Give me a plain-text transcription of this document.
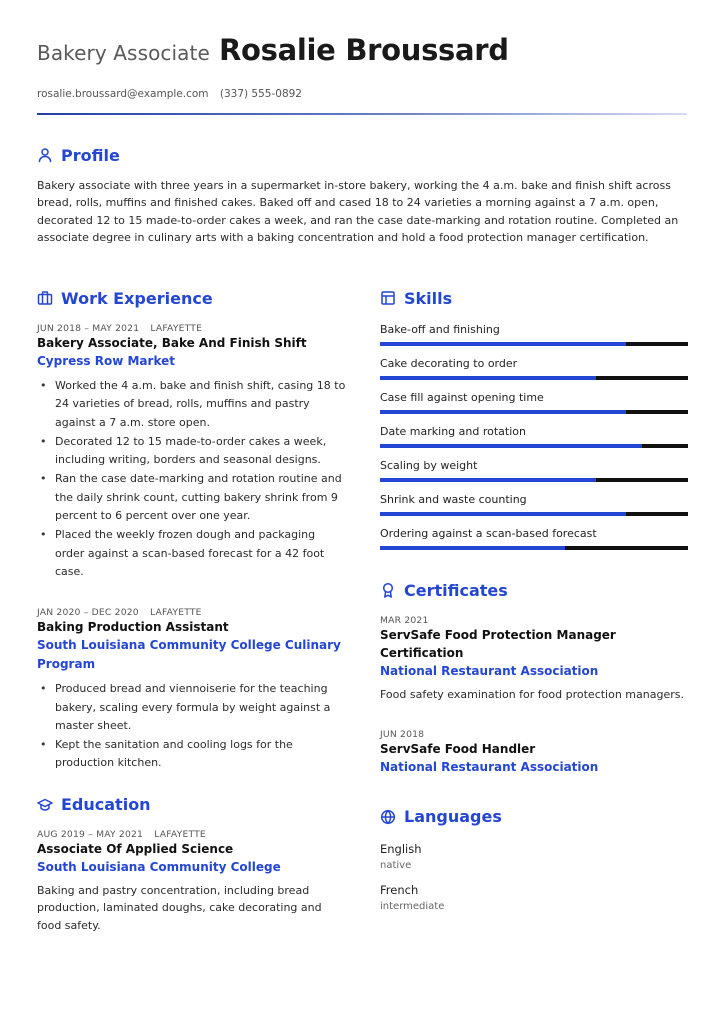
Bakery Associate Rosalie Broussard
rosalie.broussard@example.com (337) 555-0892
Profile
Bakery associate with three years in a supermarket in-store bakery, working the 4 a.m. bake and finish shift across bread, rolls, muffins and finished cakes. Baked off and cased 18 to 24 varieties a morning against a 7 a.m. open, decorated 12 to 15 made-to-order cakes a week, and ran the case date-marking and rotation routine. Completed an associate degree in culinary arts with a baking concentration and hold a food protection manager certification.
Work Experience
JUN 2018 – MAY 2021 LAFAYETTE
Bakery Associate, Bake And Finish Shift
Cypress Row Market
• Worked the 4 a.m. bake and finish shift, casing 18 to 24 varieties of bread, rolls, muffins and pastry against a 7 a.m. store open.
• Decorated 12 to 15 made-to-order cakes a week, including writing, borders and seasonal designs.
• Ran the case date-marking and rotation routine and the daily shrink count, cutting bakery shrink from 9 percent to 6 percent over one year.
• Placed the weekly frozen dough and packaging order against a scan-based forecast for a 42 foot case.
JAN 2020 – DEC 2020 LAFAYETTE
Baking Production Assistant
South Louisiana Community College Culinary Program
• Produced bread and viennoiserie for the teaching bakery, scaling every formula by weight against a master sheet.
• Kept the sanitation and cooling logs for the production kitchen.
Education
AUG 2019 – MAY 2021 LAFAYETTE
Associate Of Applied Science
South Louisiana Community College
Baking and pastry concentration, including bread production, laminated doughs, cake decorating and food safety.
Skills
Bake-off and finishing
Cake decorating to order
Case fill against opening time
Date marking and rotation
Scaling by weight
Shrink and waste counting
Ordering against a scan-based forecast
Certificates
MAR 2021
ServSafe Food Protection Manager Certification
National Restaurant Association
Food safety examination for food protection managers.
JUN 2018
ServSafe Food Handler
National Restaurant Association
Languages
English
native
French
intermediate
